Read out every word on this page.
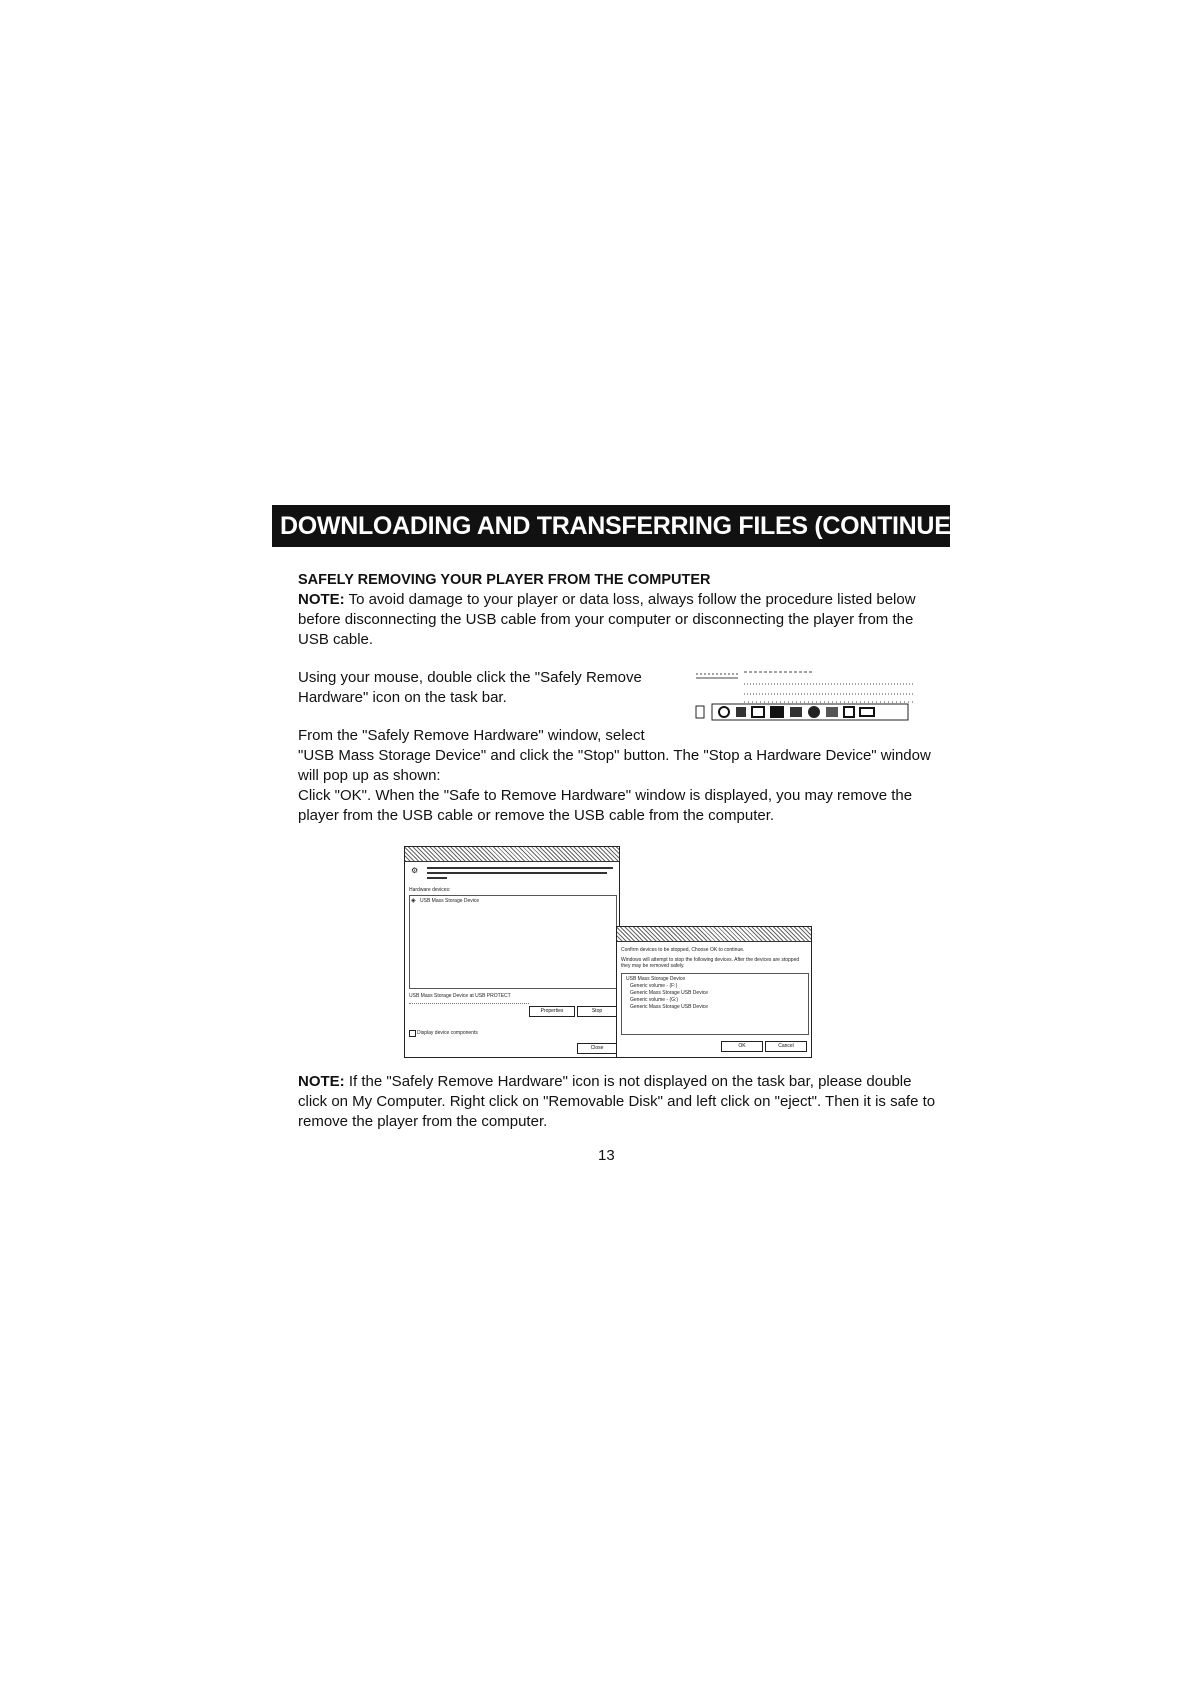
DOWNLOADING AND TRANSFERRING FILES (CONTINUED)
SAFELY REMOVING YOUR PLAYER FROM THE COMPUTER
NOTE: To avoid damage to your player or data loss, always follow the procedure listed below before disconnecting the USB cable from your computer or disconnecting the player from the USB cable.
Using your mouse, double click the "Safely Remove Hardware" icon on the task bar.
From the "Safely Remove Hardware" window, select
"USB Mass Storage Device" and click the "Stop" button. The "Stop a Hardware Device" window will pop up as shown:
Click "OK". When the "Safe to Remove Hardware" window is displayed, you may remove the player from the USB cable or remove the USB cable from the computer.
⚙
Hardware devices:
◈ USB Mass Storage Device
USB Mass Storage Device at USB PROTECT
Properties	Stop
Display device components
Close
Confirm devices to be stopped, Choose OK to continue.
Windows will attempt to stop the following devices. After the devices are stopped they may be removed safely.
USB Mass Storage Device
Generic volume - (F:)
Generic Mass Storage USB Device
Generic volume - (G:)
Generic Mass Storage USB Device
OK	Cancel
NOTE: If the "Safely Remove Hardware" icon is not displayed on the task bar, please double click on My Computer. Right click on "Removable Disk" and left click on "eject". Then it is safe to remove the player from the computer.
13
